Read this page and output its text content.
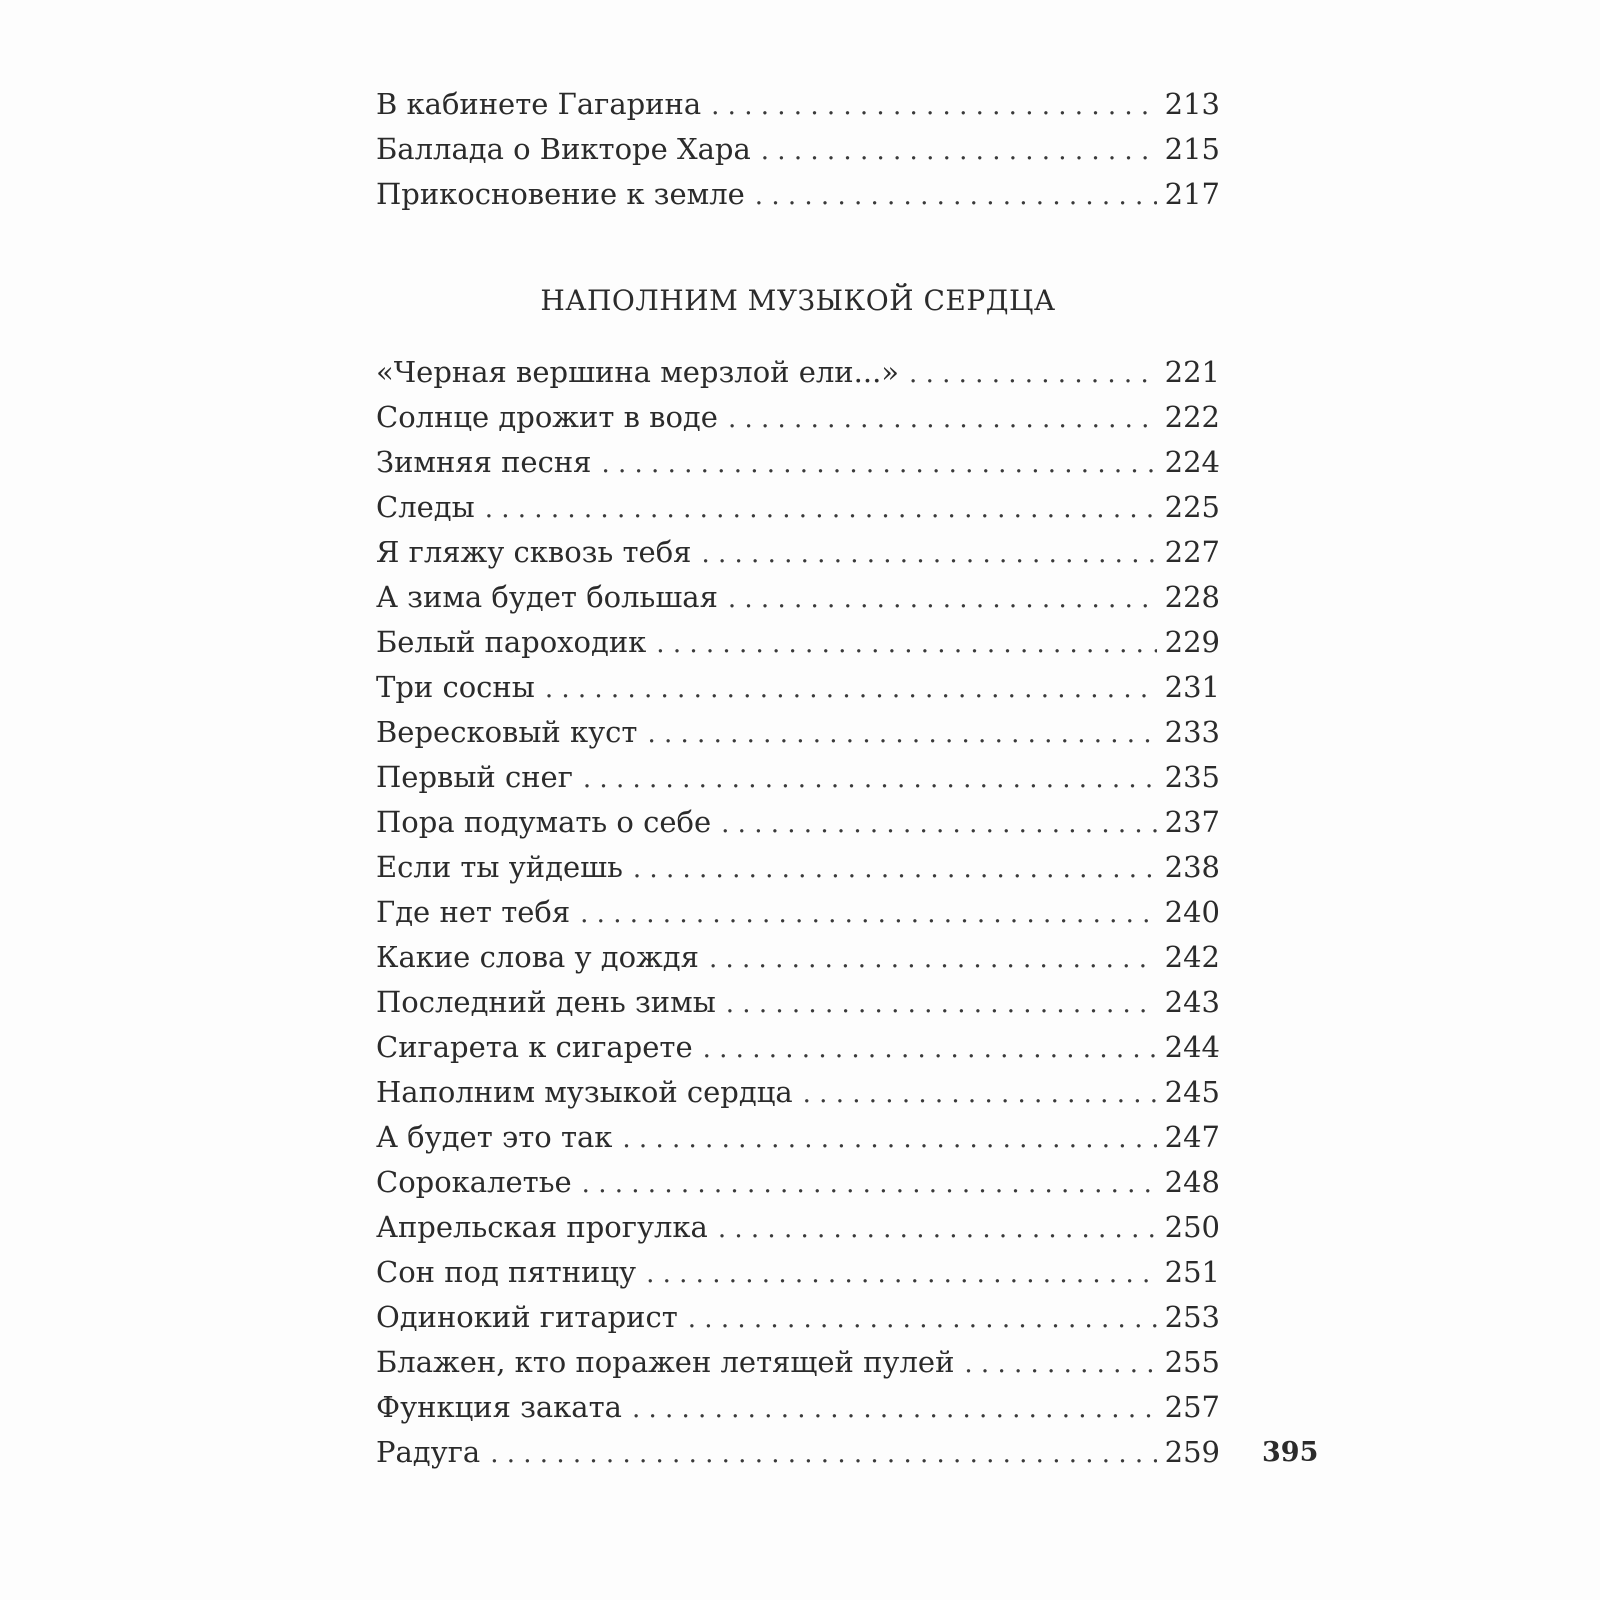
В кабинете Гагарина . . .	213
Баллада о Викторе Хара . . .	215
Прикосновение к земле . . .	217
НАПОЛНИМ МУЗЫКОЙ СЕРДЦА
«Черная вершина мерзлой ели...» . . .	221
Солнце дрожит в воде . . .	222
Зимняя песня . . .	224
Следы . . .	225
Я гляжу сквозь тебя . . .	227
А зима будет большая . . .	228
Белый пароходик . . .	229
Три сосны . . .	231
Вересковый куст . . .	233
Первый снег . . .	235
Пора подумать о себе . . .	237
Если ты уйдешь . . .	238
Где нет тебя . . .	240
Какие слова у дождя . . .	242
Последний день зимы . . .	243
Сигарета к сигарете . . .	244
Наполним музыкой сердца . . .	245
А будет это так . . .	247
Сорокалетье . . .	248
Апрельская прогулка . . .	250
Сон под пятницу . . .	251
Одинокий гитарист . . .	253
Блажен, кто поражен летящей пулей . . .	255
Функция заката . . .	257
Радуга . . .	259 395
